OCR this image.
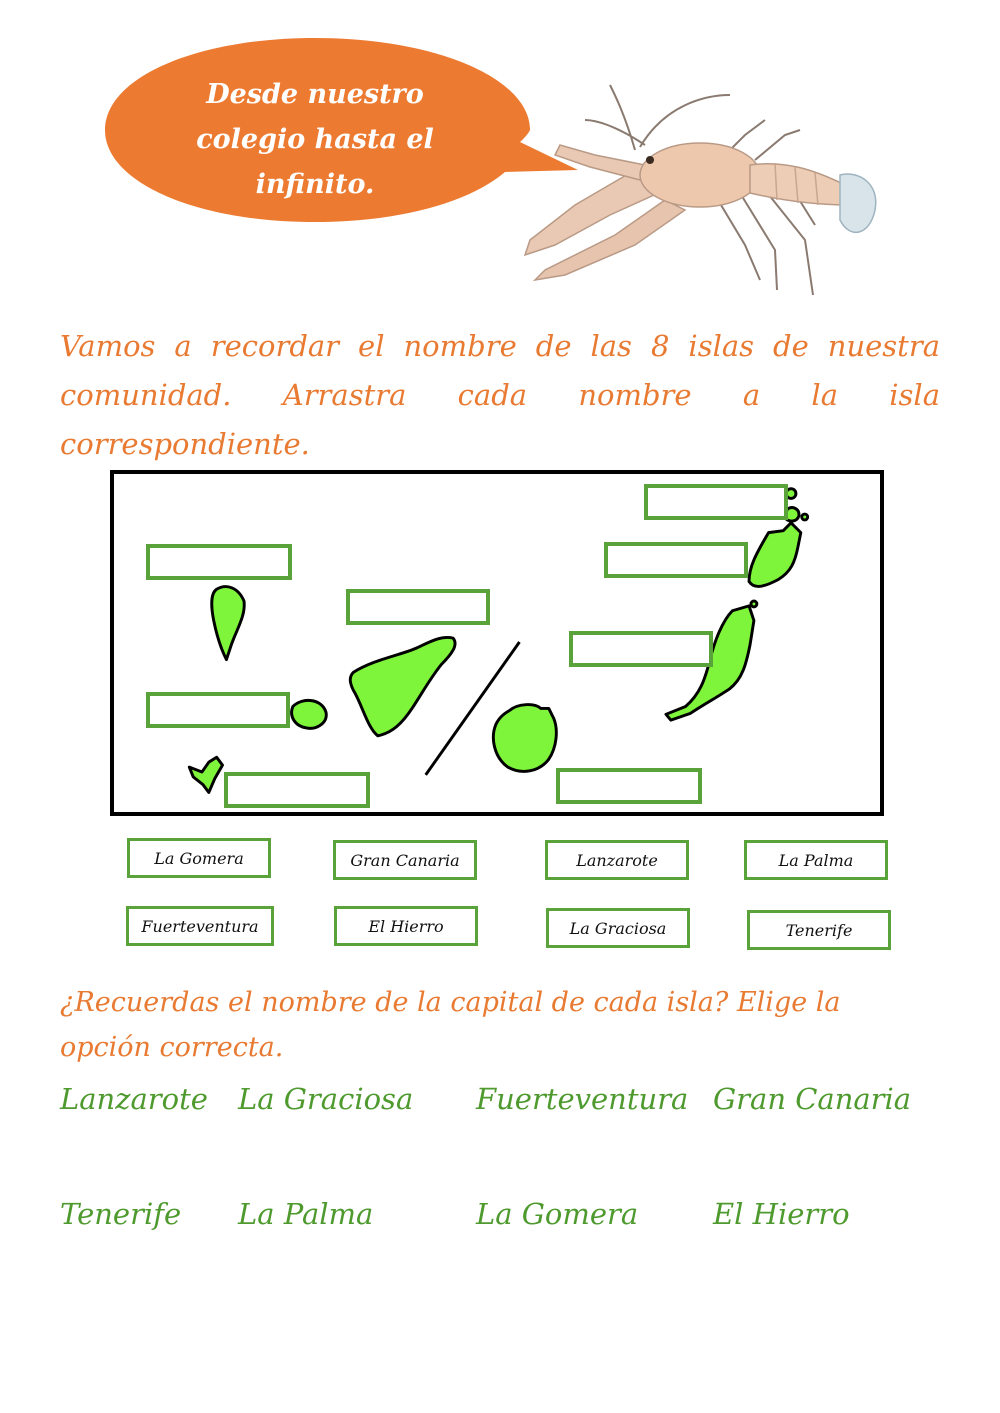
Desde nuestro
colegio hasta el
infinito.
Vamos a recordar el nombre de las 8 islas de nuestra comunidad. Arrastra cada nombre a la isla correspondiente.
La Gomera	Gran Canaria	Lanzarote	La Palma
Fuerteventura	El Hierro	La Graciosa	Tenerife
¿Recuerdas el nombre de la capital de cada isla? Elige la opción correcta.
Lanzarote La Graciosa Fuerteventura Gran Canaria
Tenerife La Palma	La Gomera	El Hierro
